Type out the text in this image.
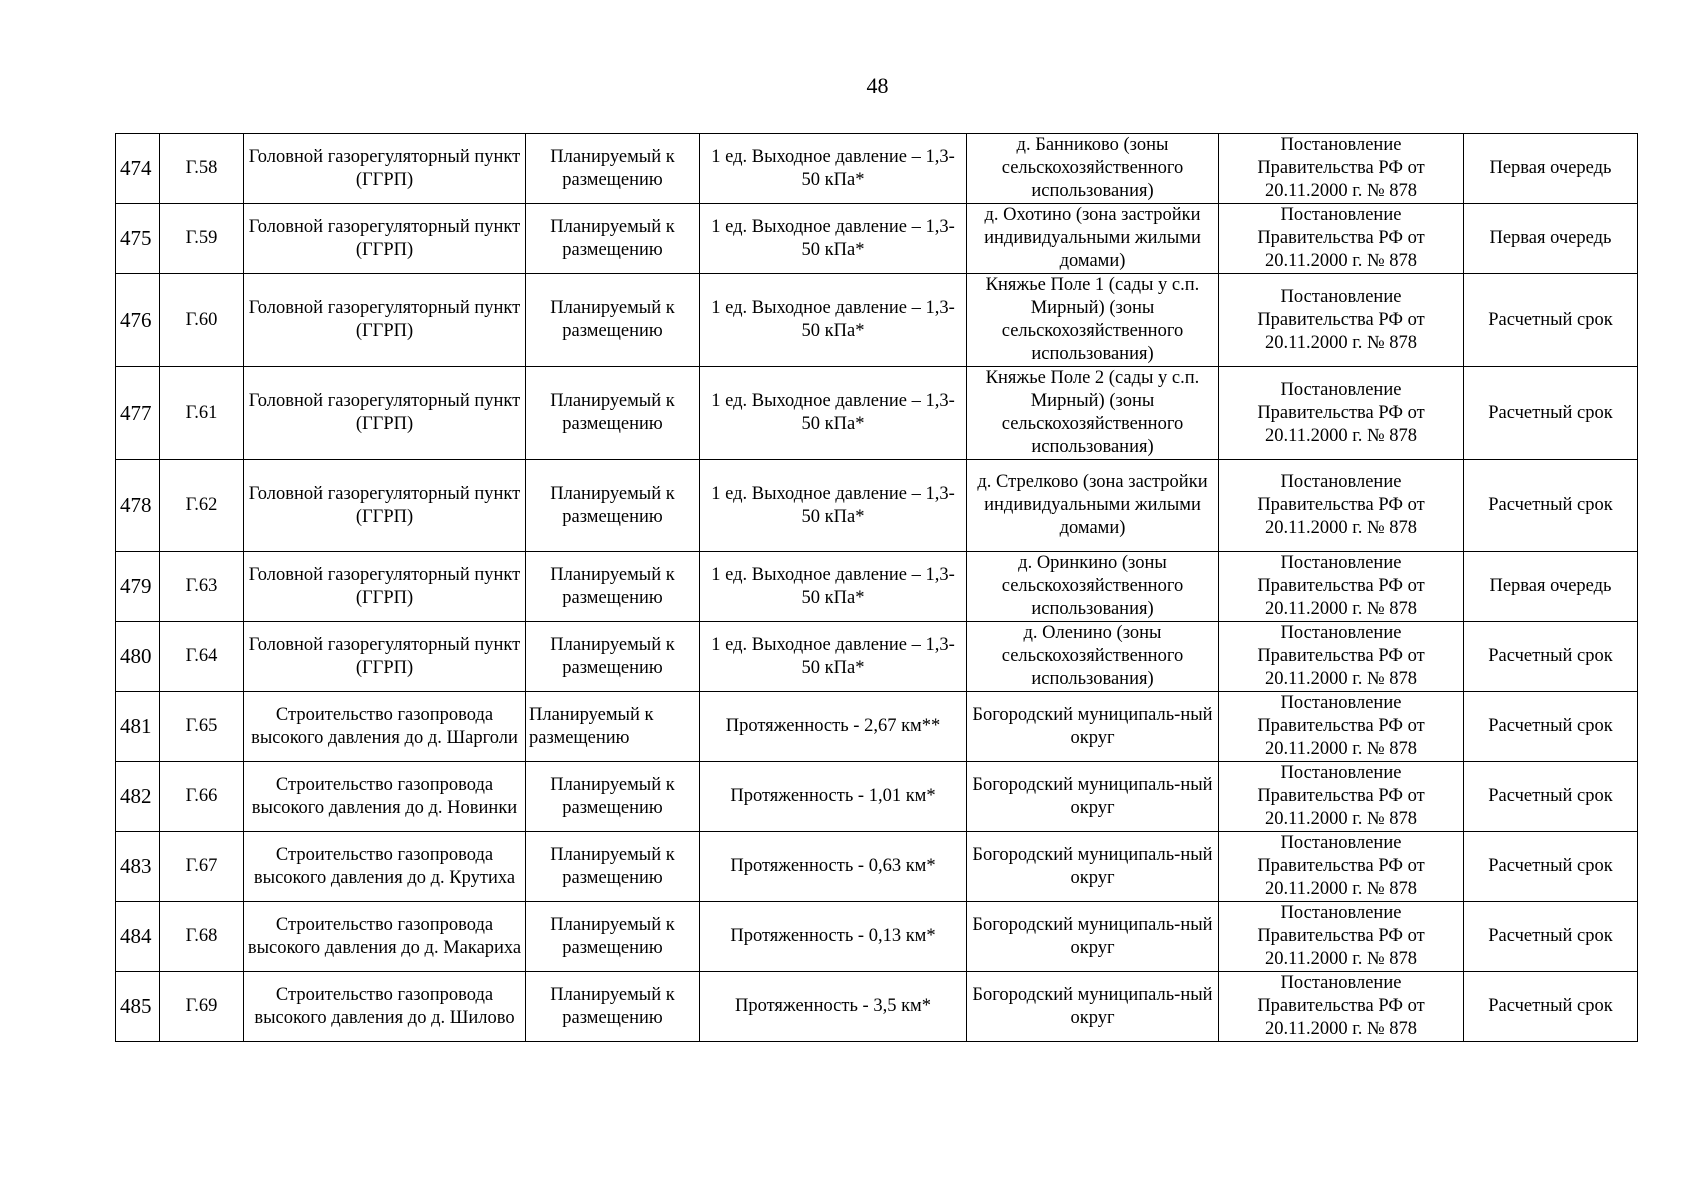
48
474	Г.58	Головной газорегуляторный пункт (ГГРП)	Планируемый к размещению	1 ед. Выходное давление – 1,3-50 кПа*	д. Банниково (зоны сельскохозяйственного использования)	Постановление Правительства РФ от 20.11.2000 г. № 878	Первая очередь
475	Г.59	Головной газорегуляторный пункт (ГГРП)	Планируемый к размещению	1 ед. Выходное давление – 1,3-50 кПа*	д. Охотино (зона застройки индивидуальными жилыми домами)	Постановление Правительства РФ от 20.11.2000 г. № 878	Первая очередь
476	Г.60	Головной газорегуляторный пункт (ГГРП)	Планируемый к размещению	1 ед. Выходное давление – 1,3-50 кПа*	Княжье Поле 1 (сады у с.п. Мирный) (зоны сельскохозяйственного использования)	Постановление Правительства РФ от 20.11.2000 г. № 878	Расчетный срок
477	Г.61	Головной газорегуляторный пункт (ГГРП)	Планируемый к размещению	1 ед. Выходное давление – 1,3-50 кПа*	Княжье Поле 2 (сады у с.п. Мирный) (зоны сельскохозяйственного использования)	Постановление Правительства РФ от 20.11.2000 г. № 878	Расчетный срок
478	Г.62	Головной газорегуляторный пункт (ГГРП)	Планируемый к размещению	1 ед. Выходное давление – 1,3-50 кПа*	д. Стрелково (зона застройки индивидуальными жилыми домами)	Постановление Правительства РФ от 20.11.2000 г. № 878	Расчетный срок
479	Г.63	Головной газорегуляторный пункт (ГГРП)	Планируемый к размещению	1 ед. Выходное давление – 1,3-50 кПа*	д. Оринкино (зоны сельскохозяйственного использования)	Постановление Правительства РФ от 20.11.2000 г. № 878	Первая очередь
480	Г.64	Головной газорегуляторный пункт (ГГРП)	Планируемый к размещению	1 ед. Выходное давление – 1,3-50 кПа*	д. Оленино (зоны сельскохозяйственного использования)	Постановление Правительства РФ от 20.11.2000 г. № 878	Расчетный срок
481	Г.65	Строительство газопровода высокого давления до д. Шарголи	Планируемый к размещению	Протяженность - 2,67 км**	Богородский муниципаль-ный округ	Постановление Правительства РФ от 20.11.2000 г. № 878	Расчетный срок
482	Г.66	Строительство газопровода высокого давления до д. Новинки	Планируемый к размещению	Протяженность - 1,01 км*	Богородский муниципаль-ный округ	Постановление Правительства РФ от 20.11.2000 г. № 878	Расчетный срок
483	Г.67	Строительство газопровода высокого давления до д. Крутиха	Планируемый к размещению	Протяженность - 0,63 км*	Богородский муниципаль-ный округ	Постановление Правительства РФ от 20.11.2000 г. № 878	Расчетный срок
484	Г.68	Строительство газопровода высокого давления до д. Макариха	Планируемый к размещению	Протяженность - 0,13 км*	Богородский муниципаль-ный округ	Постановление Правительства РФ от 20.11.2000 г. № 878	Расчетный срок
485	Г.69	Строительство газопровода высокого давления до д. Шилово	Планируемый к размещению	Протяженность - 3,5 км*	Богородский муниципаль-ный округ	Постановление Правительства РФ от 20.11.2000 г. № 878	Расчетный срок
